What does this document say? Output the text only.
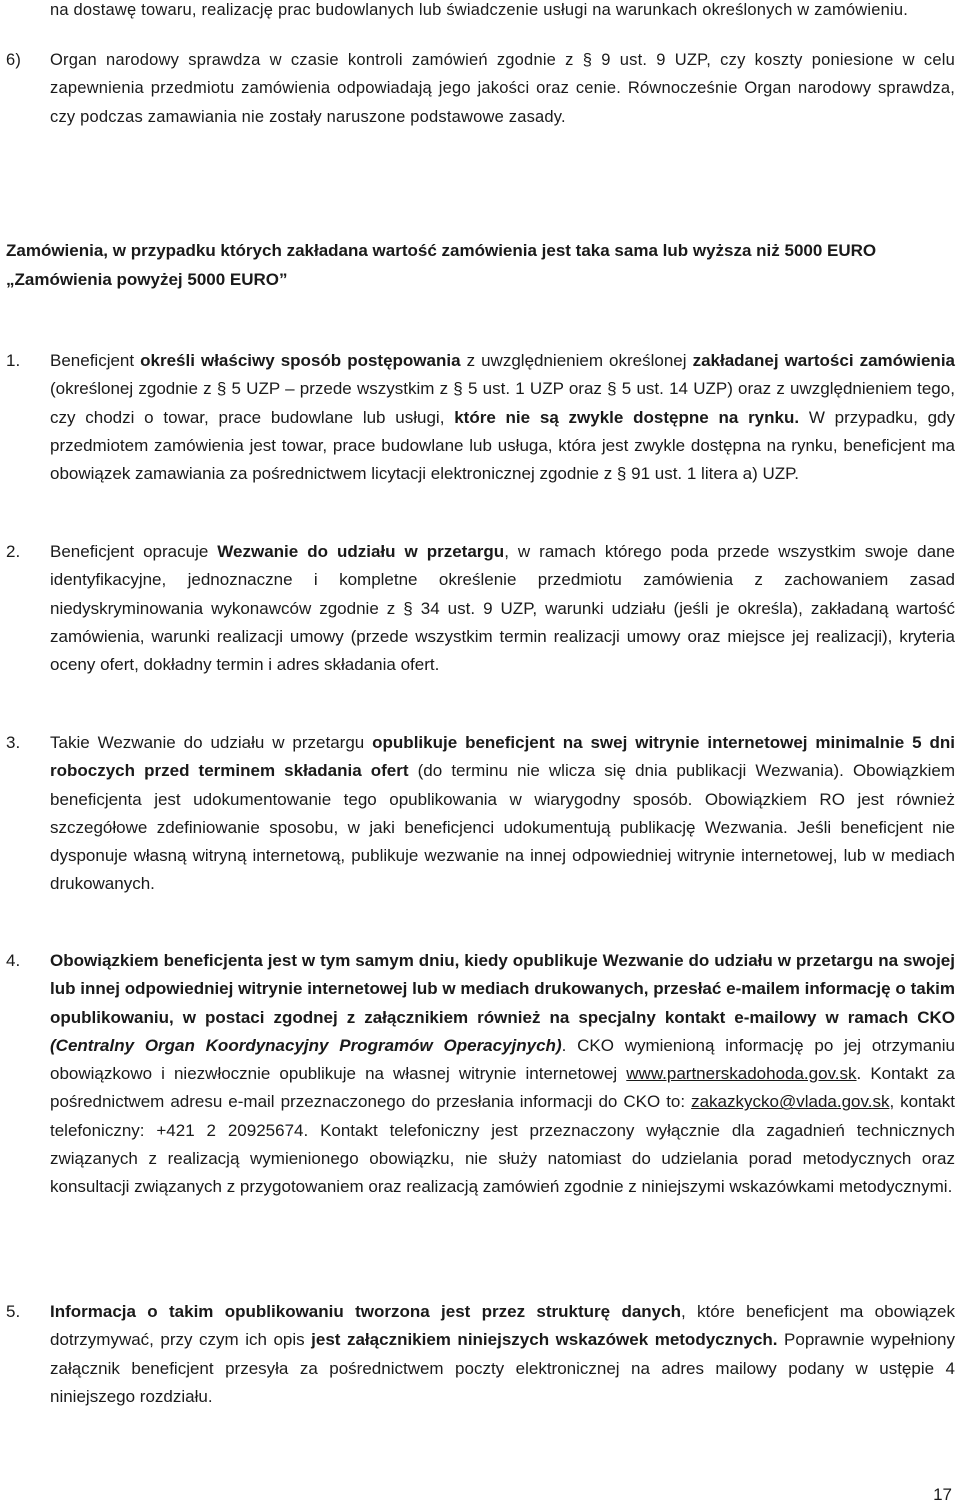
na dostawę towaru, realizację prac budowlanych lub świadczenie usługi na warunkach określonych w zamówieniu.

6) Organ narodowy sprawdza w czasie kontroli zamówień zgodnie z § 9 ust. 9 UZP, czy koszty poniesione w celu zapewnienia przedmiotu zamówienia odpowiadają jego jakości oraz cenie. Równocześnie Organ narodowy sprawdza, czy podczas zamawiania nie zostały naruszone podstawowe zasady.

Zamówienia, w przypadku których zakładana wartość zamówienia jest taka sama lub wyższa niż 5000 EURO
„Zamówienia powyżej 5000 EURO”

1. Beneficjent określi właściwy sposób postępowania z uwzględnieniem określonej zakładanej wartości zamówienia (określonej zgodnie z § 5 UZP – przede wszystkim z § 5 ust. 1 UZP oraz § 5 ust. 14 UZP) oraz z uwzględnieniem tego, czy chodzi o towar, prace budowlane lub usługi, które nie są zwykle dostępne na rynku. W przypadku, gdy przedmiotem zamówienia jest towar, prace budowlane lub usługa, która jest zwykle dostępna na rynku, beneficjent ma obowiązek zamawiania za pośrednictwem licytacji elektronicznej zgodnie z § 91 ust. 1 litera a) UZP.

2. Beneficjent opracuje Wezwanie do udziału w przetargu, w ramach którego poda przede wszystkim swoje dane identyfikacyjne, jednoznaczne i kompletne określenie przedmiotu zamówienia z zachowaniem zasad niedyskryminowania wykonawców zgodnie z § 34 ust. 9 UZP, warunki udziału (jeśli je określa), zakładaną wartość zamówienia, warunki realizacji umowy (przede wszystkim termin realizacji umowy oraz miejsce jej realizacji), kryteria oceny ofert, dokładny termin i adres składania ofert.

3. Takie Wezwanie do udziału w przetargu opublikuje beneficjent na swej witrynie internetowej minimalnie 5 dni roboczych przed terminem składania ofert (do terminu nie wlicza się dnia publikacji Wezwania). Obowiązkiem beneficjenta jest udokumentowanie tego opublikowania w wiarygodny sposób. Obowiązkiem RO jest również szczegółowe zdefiniowanie sposobu, w jaki beneficjenci udokumentują publikację Wezwania. Jeśli beneficjent nie dysponuje własną witryną internetową, publikuje wezwanie na innej odpowiedniej witrynie internetowej, lub w mediach drukowanych.

4. Obowiązkiem beneficjenta jest w tym samym dniu, kiedy opublikuje Wezwanie do udziału w przetargu na swojej lub innej odpowiedniej witrynie internetowej lub w mediach drukowanych, przesłać e-mailem informację o takim opublikowaniu, w postaci zgodnej z załącznikiem również na specjalny kontakt e-mailowy w ramach CKO (Centralny Organ Koordynacyjny Programów Operacyjnych). CKO wymienioną informację po jej otrzymaniu obowiązkowo i niezwłocznie opublikuje na własnej witrynie internetowej www.partnerskadohoda.gov.sk. Kontakt za pośrednictwem adresu e-mail przeznaczonego do przesłania informacji do CKO to: zakazkycko@vlada.gov.sk, kontakt telefoniczny: +421 2 20925674. Kontakt telefoniczny jest przeznaczony wyłącznie dla zagadnień technicznych związanych z realizacją wymienionego obowiązku, nie służy natomiast do udzielania porad metodycznych oraz konsultacji związanych z przygotowaniem oraz realizacją zamówień zgodnie z niniejszymi wskazówkami metodycznymi.

5. Informacja o takim opublikowaniu tworzona jest przez strukturę danych, które beneficjent ma obowiązek dotrzymywać, przy czym ich opis jest załącznikiem niniejszych wskazówek metodycznych. Poprawnie wypełniony załącznik beneficjent przesyła za pośrednictwem poczty elektronicznej na adres mailowy podany w ustępie 4 niniejszego rozdziału.

17
